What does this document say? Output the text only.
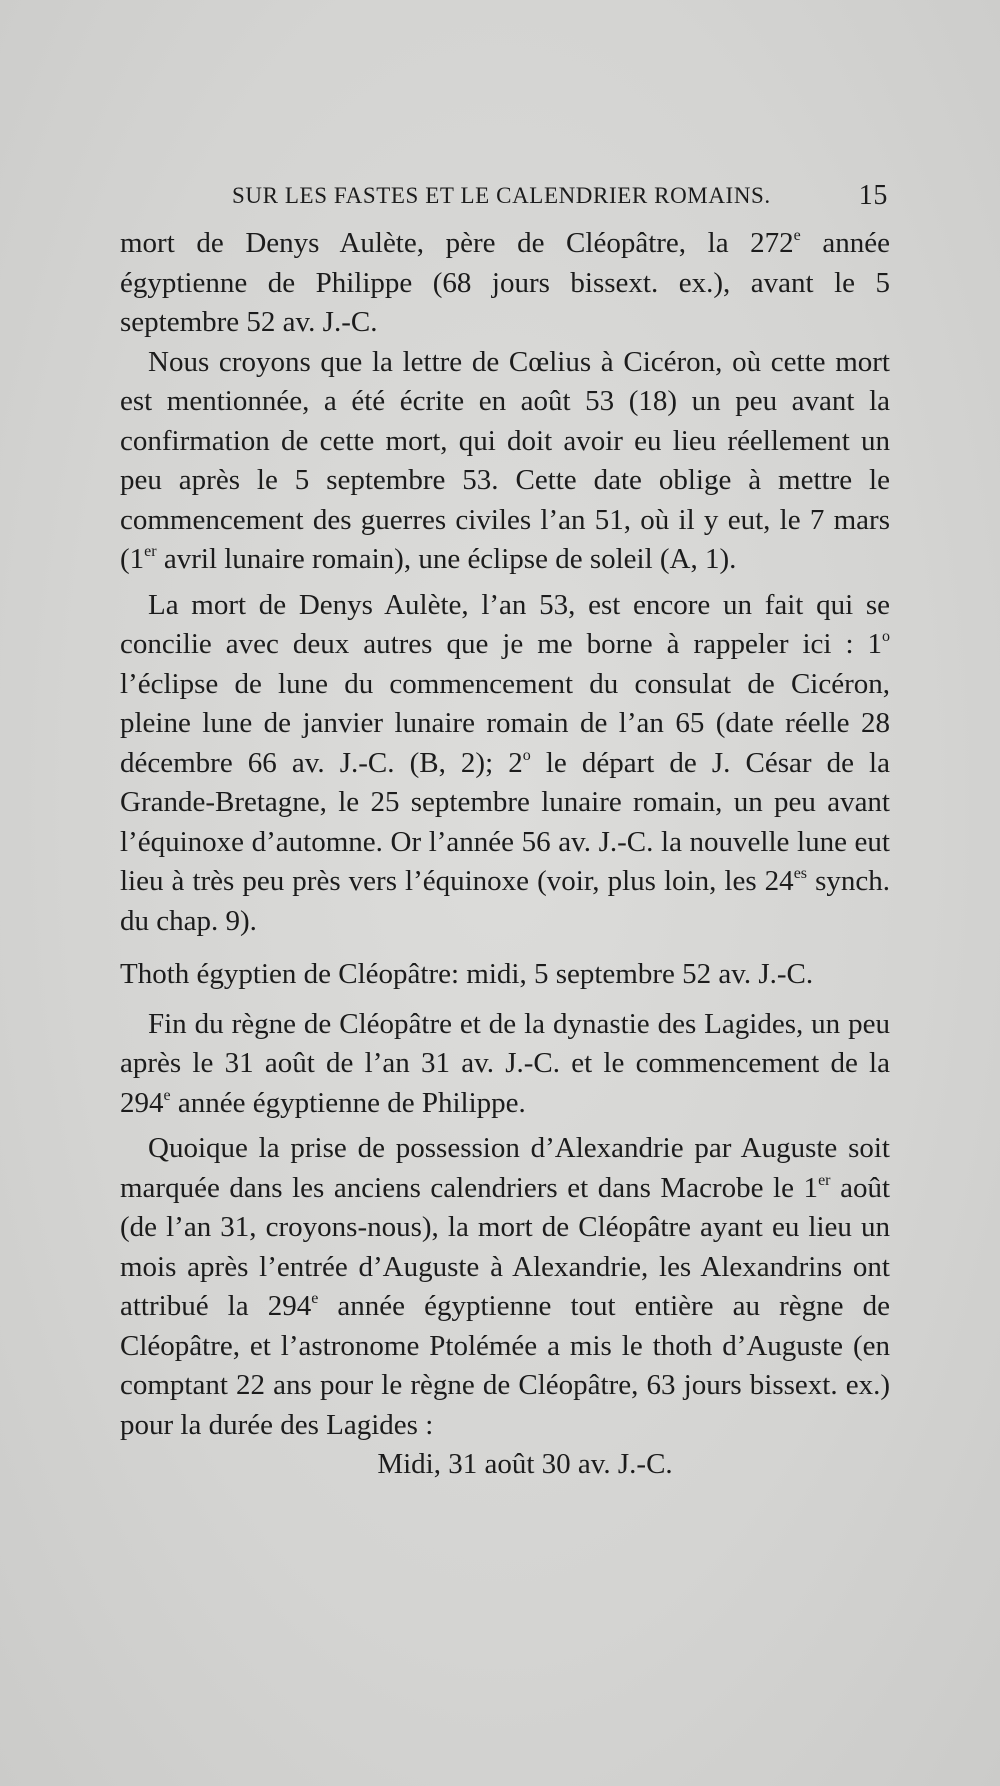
SUR LES FASTES ET LE CALENDRIER ROMAINS.	15

mort de Denys Aulète, père de Cléopâtre, la 272e année égyptienne de Philippe (68 jours bissext. ex.), avant le 5 septembre 52 av. J.-C.

Nous croyons que la lettre de Cœlius à Cicéron, où cette mort est mentionnée, a été écrite en août 53 (18) un peu avant la confirmation de cette mort, qui doit avoir eu lieu réellement un peu après le 5 septembre 53. Cette date oblige à mettre le commencement des guerres civiles l’an 51, où il y eut, le 7 mars (1er avril lunaire romain), une éclipse de soleil (A, 1).

La mort de Denys Aulète, l’an 53, est encore un fait qui se concilie avec deux autres que je me borne à rappeler ici : 1$^o$ l’éclipse de lune du commencement du consulat de Cicéron, pleine lune de janvier lunaire romain de l’an 65 (date réelle 28 décembre 66 av. J.-C. (B, 2); 2$^o$ le départ de J. César de la Grande-Bretagne, le 25 septembre lunaire romain, un peu avant l’équinoxe d’automne. Or l’année 56 av. J.-C. la nouvelle lune eut lieu à très peu près vers l’équinoxe (voir, plus loin, les $24^{es}$ synch. du chap. 9).

Thoth égyptien de Cléopâtre: midi, 5 septembre 52 av. J.-C.

Fin du règne de Cléopâtre et de la dynastie des Lagides, un peu après le 31 août de l’an 31 av. J.-C. et le commencement de la 294e année égyptienne de Philippe.

Quoique la prise de possession d’Alexandrie par Auguste soit marquée dans les anciens calendriers et dans Macrobe le 1er août (de l’an 31, croyons-nous), la mort de Cléopâtre ayant eu lieu un mois après l’entrée d’Auguste à Alexandrie, les Alexandrins ont attribué la 294e année égyptienne tout entière au règne de Cléopâtre, et l’astronome Ptolémée a mis le thoth d’Auguste (en comptant 22 ans pour le règne de Cléopâtre, 63 jours bissext. ex.) pour la durée des Lagides :

Midi, 31 août 30 av. J.-C.
